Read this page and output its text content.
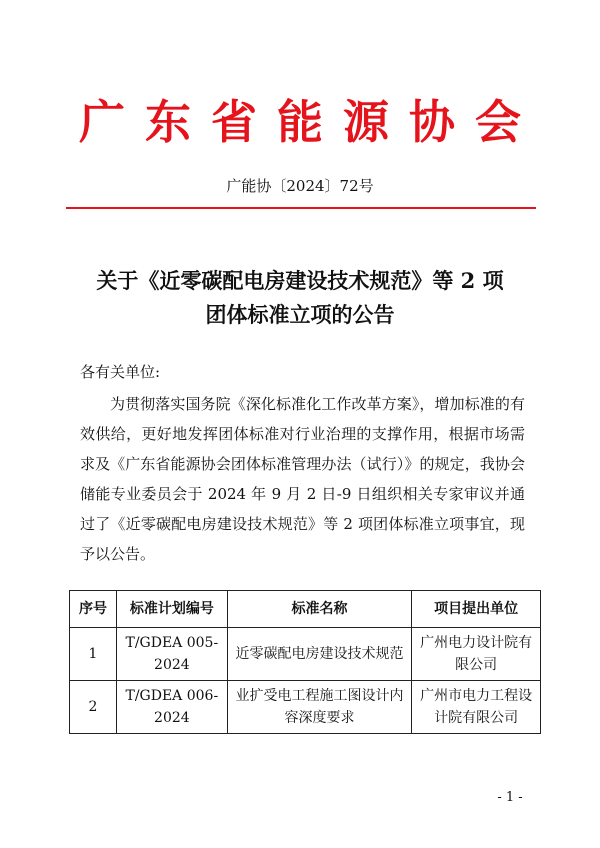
广东省能源协会
广能协〔2024〕72号
关于《近零碳配电房建设技术规范》等 2 项
团体标准立项的公告
各有关单位:

为贯彻落实国务院《深化标准化工作改革方案》，增加标准的有效供给，更好地发挥团体标准对行业治理的支撑作用，根据市场需求及《广东省能源协会团体标准管理办法（试行）》的规定，我协会储能专业委员会于 2024 年 9 月 2 日-9 日组织相关专家审议并通过了《近零碳配电房建设技术规范》等 2 项团体标准立项事宜，现予以公告。

序号	标准计划编号	标准名称	项目提出单位
1	T/GDEA 005-2024	近零碳配电房建设技术规范	广州电力设计院有限公司
2	T/GDEA 006-2024	业扩受电工程施工图设计内容深度要求	广州市电力工程设计院有限公司
- 1 -
